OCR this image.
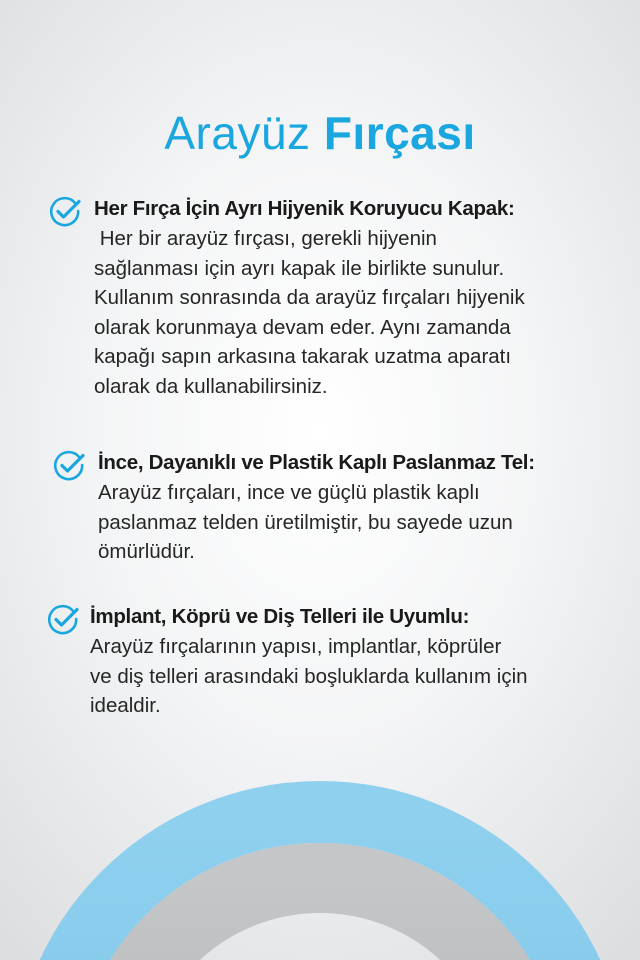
Arayüz Fırçası
Her Fırça İçin Ayrı Hijyenik Koruyucu Kapak:
Her bir arayüz fırçası, gerekli hijyenin
sağlanması için ayrı kapak ile birlikte sunulur.
Kullanım sonrasında da arayüz fırçaları hijyenik
olarak korunmaya devam eder. Aynı zamanda
kapağı sapın arkasına takarak uzatma aparatı
olarak da kullanabilirsiniz.
İnce, Dayanıklı ve Plastik Kaplı Paslanmaz Tel:
Arayüz fırçaları, ince ve güçlü plastik kaplı
paslanmaz telden üretilmiştir, bu sayede uzun
ömürlüdür.
İmplant, Köprü ve Diş Telleri ile Uyumlu:
Arayüz fırçalarının yapısı, implantlar, köprüler
ve diş telleri arasındaki boşluklarda kullanım için
idealdir.
